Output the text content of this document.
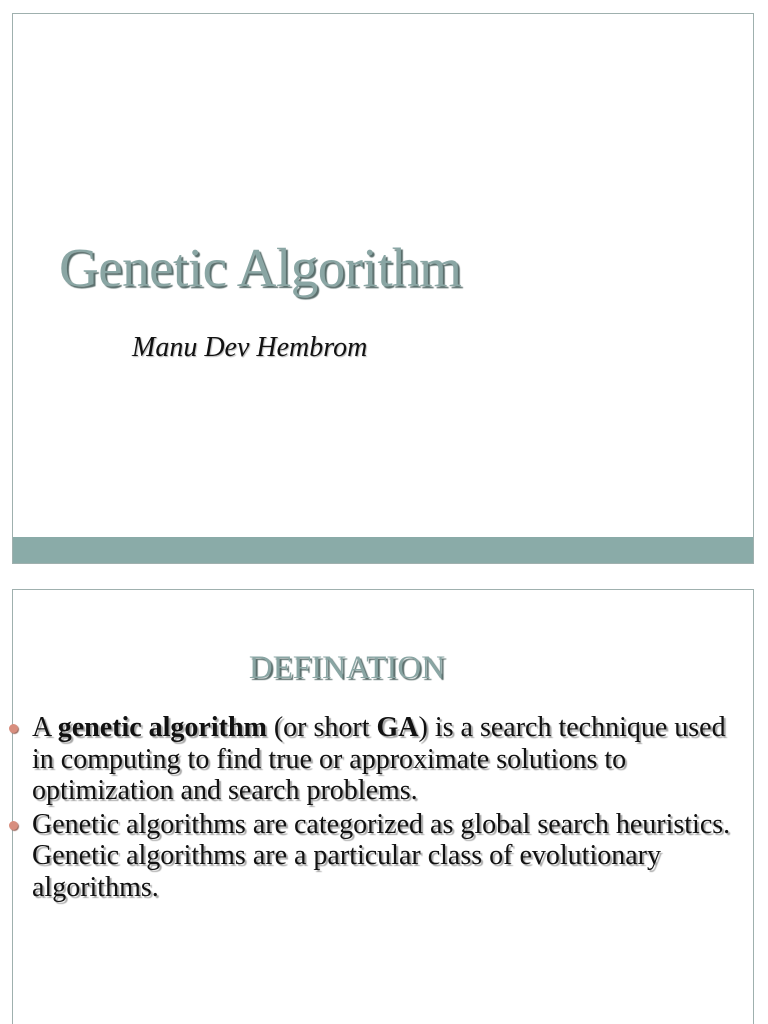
Genetic Algorithm

Manu Dev Hembrom

DEFINATION
A genetic algorithm (or short GA) is a search technique used in computing to find true or approximate solutions to optimization and search problems.
Genetic algorithms are categorized as global search heuristics. Genetic algorithms are a particular class of evolutionary algorithms.
